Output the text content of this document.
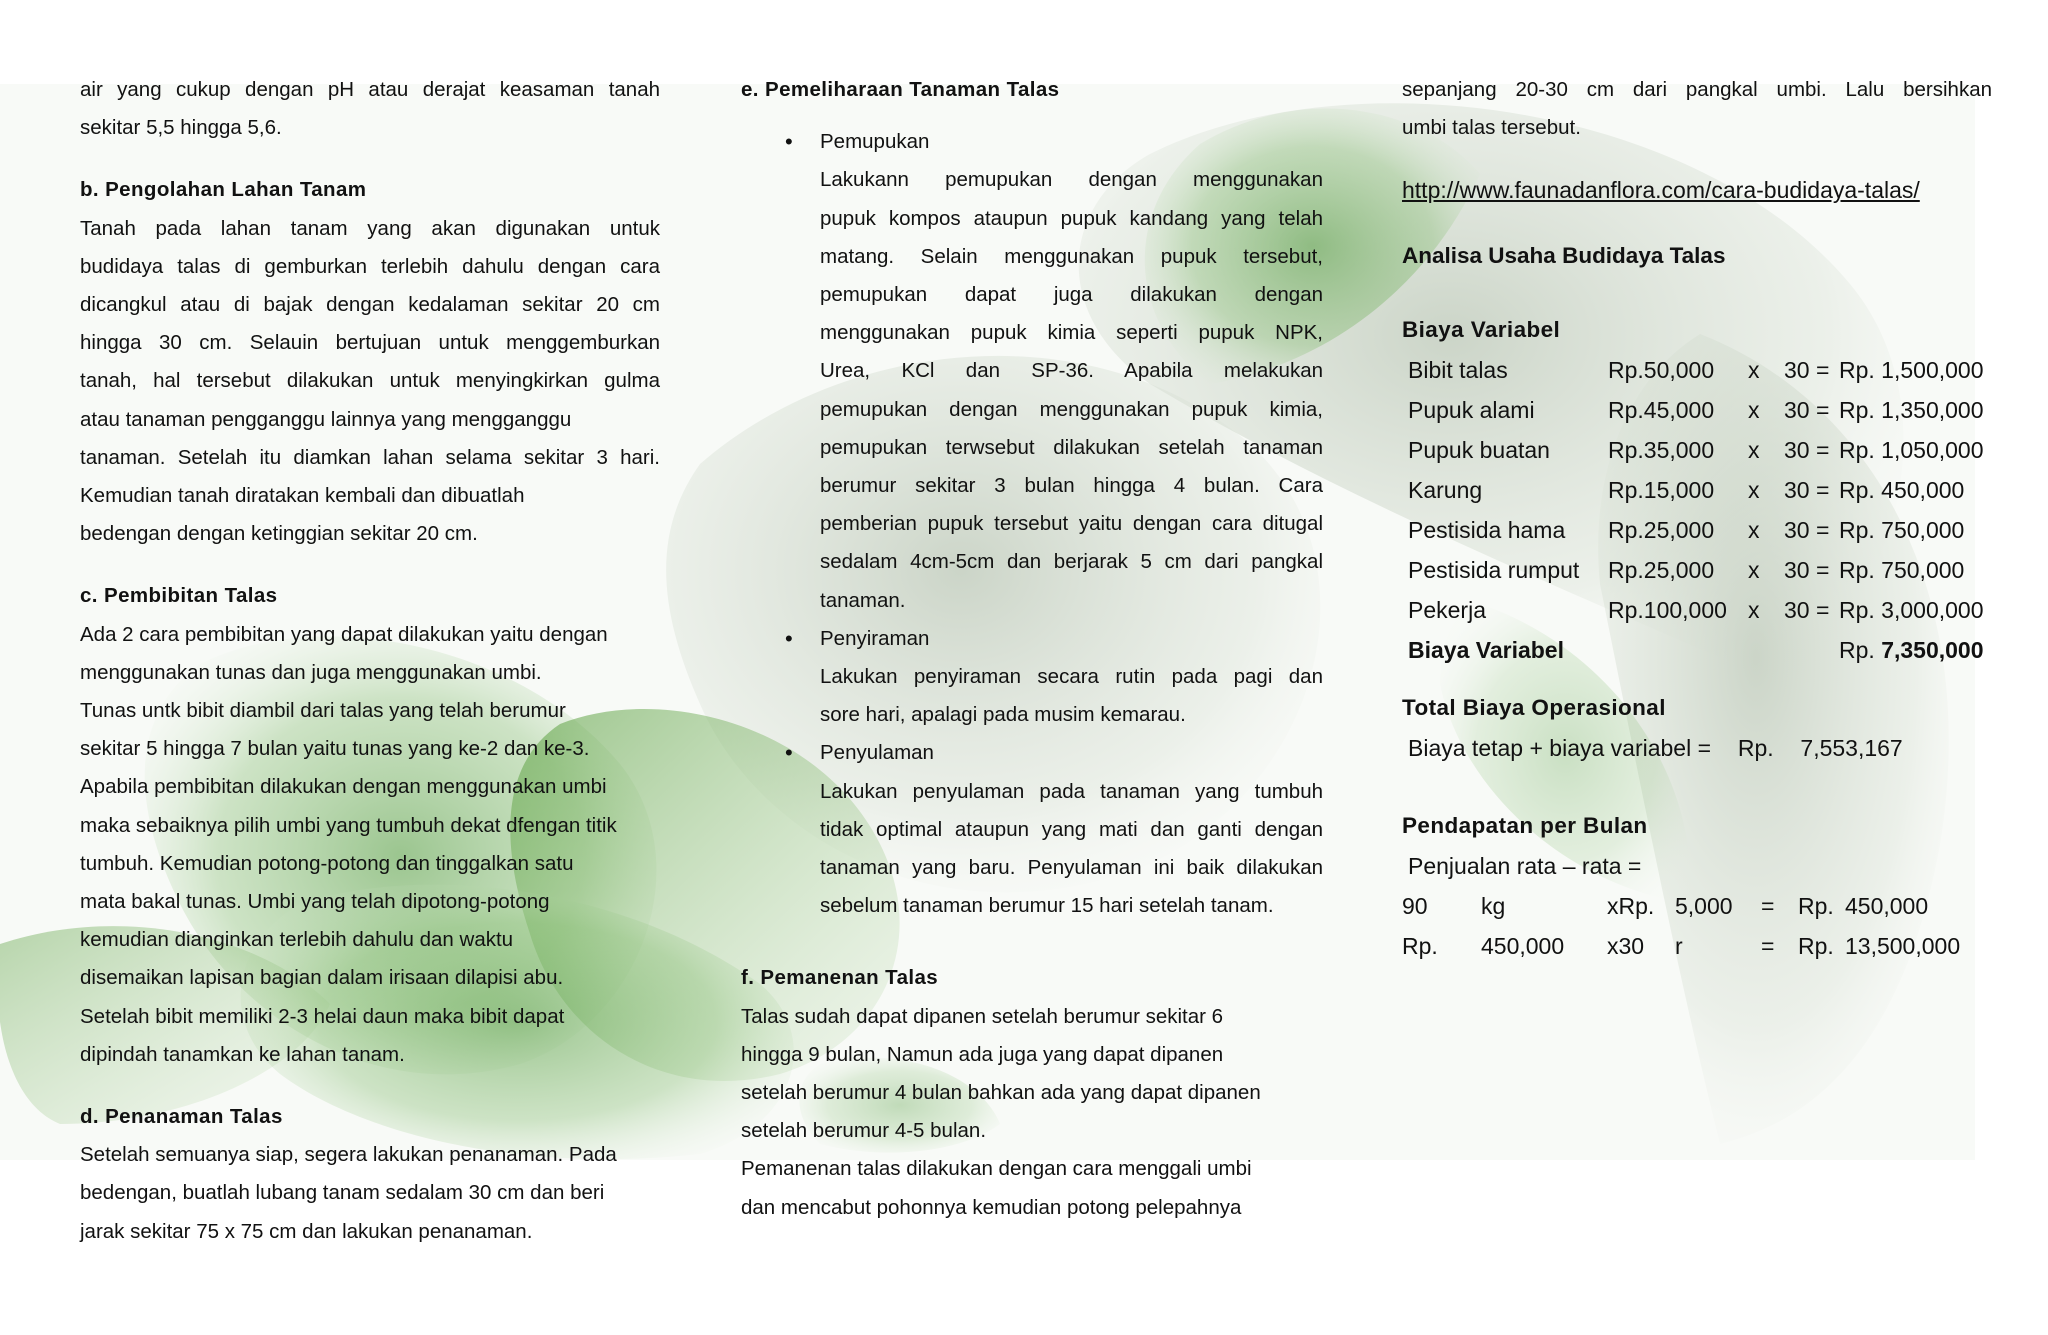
air yang cukup dengan pH atau derajat keasaman tanah

sekitar 5,5 hingga 5,6.

b. Pengolahan Lahan Tanam

Tanah pada lahan tanam yang akan digunakan untuk

budidaya talas di gemburkan terlebih dahulu dengan cara

dicangkul atau di bajak dengan kedalaman sekitar 20 cm

hingga 30 cm. Selauin bertujuan untuk menggemburkan

tanah, hal tersebut dilakukan untuk menyingkirkan gulma

atau tanaman pengganggu lainnya yang mengganggu

tanaman. Setelah itu diamkan lahan selama sekitar 3 hari.

Kemudian tanah diratakan kembali dan dibuatlah

bedengan dengan ketinggian sekitar 20 cm.

c. Pembibitan Talas

Ada 2 cara pembibitan yang dapat dilakukan yaitu dengan

menggunakan tunas dan juga menggunakan umbi.

Tunas untk bibit diambil dari talas yang telah berumur

sekitar 5 hingga 7 bulan yaitu tunas yang ke-2 dan ke-3.

Apabila pembibitan dilakukan dengan menggunakan umbi

maka sebaiknya pilih umbi yang tumbuh dekat dfengan titik

tumbuh. Kemudian potong-potong dan tinggalkan satu

mata bakal tunas. Umbi yang telah dipotong-potong

kemudian dianginkan terlebih dahulu dan waktu

disemaikan lapisan bagian dalam irisaan dilapisi abu.

Setelah bibit memiliki 2-3 helai daun maka bibit dapat

dipindah tanamkan ke lahan tanam.

d. Penanaman Talas

Setelah semuanya siap, segera lakukan penanaman. Pada

bedengan, buatlah lubang tanam sedalam 30 cm dan beri

jarak sekitar 75 x 75 cm dan lakukan penanaman.

e. Pemeliharaan Tanaman Talas
• Pemupukan

Lakukann pemupukan dengan menggunakan

pupuk kompos ataupun pupuk kandang yang telah

matang. Selain menggunakan pupuk tersebut,

pemupukan dapat juga dilakukan dengan

menggunakan pupuk kimia seperti pupuk NPK,

Urea, KCl dan SP-36. Apabila melakukan

pemupukan dengan menggunakan pupuk kimia,

pemupukan terwsebut dilakukan setelah tanaman

berumur sekitar 3 bulan hingga 4 bulan. Cara

pemberian pupuk tersebut yaitu dengan cara ditugal

sedalam 4cm-5cm dan berjarak 5 cm dari pangkal

tanaman.

• Penyiraman

Lakukan penyiraman secara rutin pada pagi dan

sore hari, apalagi pada musim kemarau.

• Penyulaman

Lakukan penyulaman pada tanaman yang tumbuh

tidak optimal ataupun yang mati dan ganti dengan

tanaman yang baru. Penyulaman ini baik dilakukan

sebelum tanaman berumur 15 hari setelah tanam.

f. Pemanenan Talas

Talas sudah dapat dipanen setelah berumur sekitar 6

hingga 9 bulan, Namun ada juga yang dapat dipanen

setelah berumur 4 bulan bahkan ada yang dapat dipanen

setelah berumur 4-5 bulan.

Pemanenan talas dilakukan dengan cara menggali umbi

dan mencabut pohonnya kemudian potong pelepahnya

sepanjang 20-30 cm dari pangkal umbi. Lalu bersihkan

umbi talas tersebut.

http://www.faunadanflora.com/cara-budidaya-talas/
Analisa Usaha Budidaya Talas
Biaya Variabel
Bibit talas	Rp.50,000	x	30 =	Rp. 1,500,000
Pupuk alami	Rp.45,000	x	30 =	Rp. 1,350,000
Pupuk buatan	Rp.35,000	x	30 =	Rp. 1,050,000
Karung	Rp.15,000	x	30 =	Rp. 450,000
Pestisida hama	Rp.25,000	x	30 =	Rp. 750,000
Pestisida rumput	Rp.25,000	x	30 =	Rp. 750,000
Pekerja	Rp.100,000	x	30 =	Rp. 3,000,000
Biaya Variabel				Rp. 7,350,000
Total Biaya Operasional
Biaya tetap + biaya variabel = Rp. 7,553,167
Pendapatan per Bulan
Penjualan rata – rata =
90	kg	xRp.	5,000	=	Rp.	450,000
Rp.	450,000	x30	r	=	Rp.	13,500,000
